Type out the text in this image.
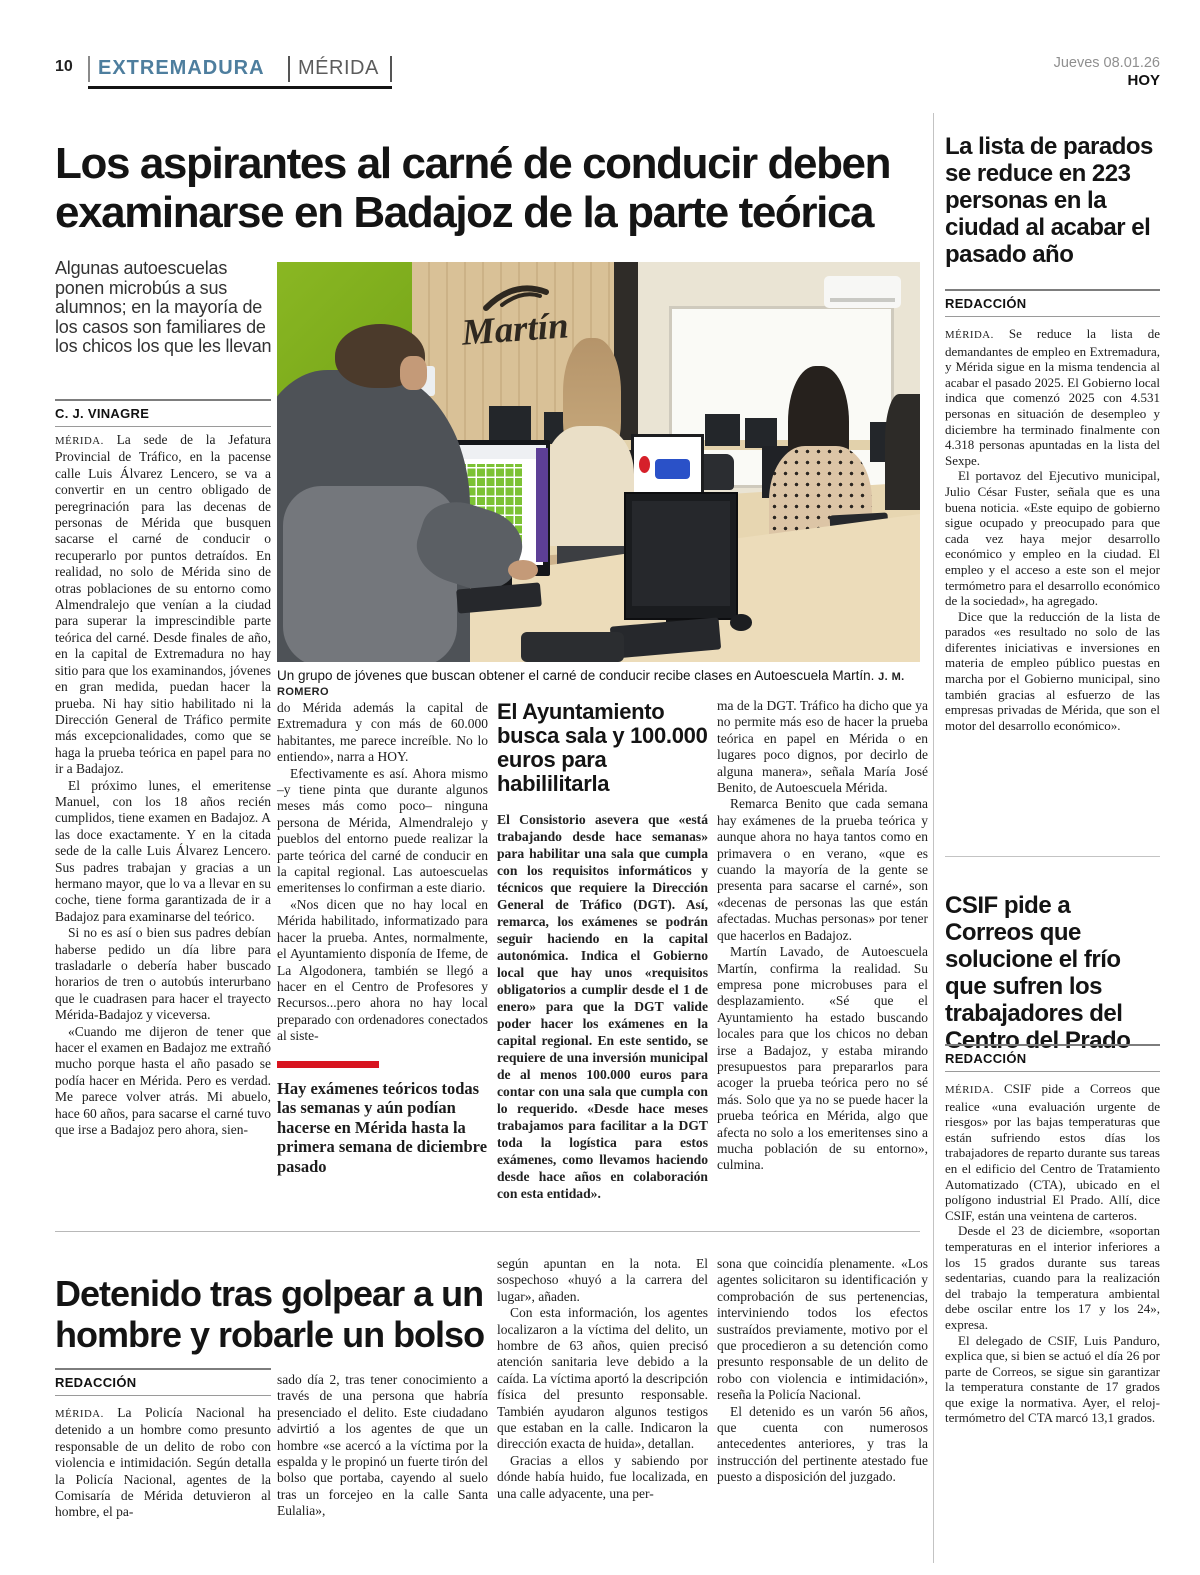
10 EXTREMADURA MÉRIDA	Jueves 08.01.26
HOY
Los aspirantes al carné de conducir deben examinarse en Badajoz de la parte teórica
Algunas autoescuelas ponen microbús a sus alumnos; en la mayoría de los casos son familiares de los chicos los que les llevan
C. J. VINAGRE
Martín
Un grupo de jóvenes que buscan obtener el carné de conducir recibe clases en Autoescuela Martín. J. M. ROMERO

MÉRIDA. La sede de la Jefatura Provincial de Tráfico, en la pacense calle Luis Álvarez Lencero, se va a convertir en un centro obligado de peregrinación para las decenas de personas de Mérida que busquen sacarse el carné de conducir o recuperarlo por puntos detraídos. En realidad, no solo de Mérida sino de otras poblaciones de su entorno como Almendralejo que venían a la ciudad para superar la imprescindible parte teórica del carné. Desde finales de año, en la capital de Extremadura no hay sitio para que los examinandos, jóvenes en gran medida, puedan hacer la prueba. Ni hay sitio habilitado ni la Dirección General de Tráfico permite más excepcionalidades, como que se haga la prueba teórica en papel para no ir a Badajoz.

El próximo lunes, el emeritense Manuel, con los 18 años recién cumplidos, tiene examen en Badajoz. A las doce exactamente. Y en la citada sede de la calle Luis Álvarez Lencero. Sus padres trabajan y gracias a un hermano mayor, que lo va a llevar en su coche, tiene forma garantizada de ir a Badajoz para examinarse del teórico.

Si no es así o bien sus padres debían haberse pedido un día libre para trasladarle o debería haber buscado horarios de tren o autobús interurbano que le cuadrasen para hacer el trayecto Mérida-Badajoz y viceversa.

«Cuando me dijeron de tener que hacer el examen en Badajoz me extrañó mucho porque hasta el año pasado se podía hacer en Mérida. Pero es verdad. Me parece volver atrás. Mi abuelo, hace 60 años, para sacarse el carné tuvo que irse a Badajoz pero ahora, sien-

do Mérida además la capital de Extremadura y con más de 60.000 habitantes, me parece increíble. No lo entiendo», narra a HOY.

Efectivamente es así. Ahora mismo –y tiene pinta que durante algunos meses más como poco– ninguna persona de Mérida, Almendralejo y pueblos del entorno puede realizar la parte teórica del carné de conducir en la capital regional. Las autoescuelas emeritenses lo confirman a este diario.

«Nos dicen que no hay local en Mérida habilitado, informatizado para hacer la prueba. Antes, normalmente, el Ayuntamiento disponía de Ifeme, de La Algodonera, también se llegó a hacer en el Centro de Profesores y Recursos...pero ahora no hay local preparado con ordenadores conectados al siste-

Hay exámenes teóricos todas las semanas y aún podían hacerse en Mérida hasta la primera semana de diciembre pasado
El Ayuntamiento busca sala y 100.000 euros para habililitarla

El Consistorio asevera que «está trabajando desde hace semanas» para habilitar una sala que cumpla con los requisitos informáticos y técnicos que requiere la Dirección General de Tráfico (DGT). Así, remarca, los exámenes se podrán seguir haciendo en la capital autonómica. Indica el Gobierno local que hay unos «requisitos obligatorios a cumplir desde el 1 de enero» para que la DGT valide poder hacer los exámenes en la capital regional. En este sentido, se requiere de una inversión municipal de al menos 100.000 euros para contar con una sala que cumpla con lo requerido. «Desde hace meses trabajamos para facilitar a la DGT toda la logística para estos exámenes, como llevamos haciendo desde hace años en colaboración con esta entidad».

ma de la DGT. Tráfico ha dicho que ya no permite más eso de hacer la prueba teórica en papel en Mérida o en lugares poco dignos, por decirlo de alguna manera», señala María José Benito, de Autoescuela Mérida.

Remarca Benito que cada semana hay exámenes de la prueba teórica y aunque ahora no haya tantos como en primavera o en verano, «que es cuando la mayoría de la gente se presenta para sacarse el carné», son «decenas de personas las que están afectadas. Muchas personas» por tener que hacerlos en Badajoz.

Martín Lavado, de Autoescuela Martín, confirma la realidad. Su empresa pone microbuses para el desplazamiento. «Sé que el Ayuntamiento ha estado buscando locales para que los chicos no deban irse a Badajoz, y estaba mirando presupuestos para prepararlos para acoger la prueba teórica pero no sé más. Solo que ya no se puede hacer la prueba teórica en Mérida, algo que afecta no solo a los emeritenses sino a mucha población de su entorno», culmina.

La lista de parados se reduce en 223 personas en la ciudad al acabar el pasado año
REDACCIÓN

MÉRIDA. Se reduce la lista de demandantes de empleo en Extremadura, y Mérida sigue en la misma tendencia al acabar el pasado 2025. El Gobierno local indica que comenzó 2025 con 4.531 personas en situación de desempleo y diciembre ha terminado finalmente con 4.318 personas apuntadas en la lista del Sexpe.

El portavoz del Ejecutivo municipal, Julio César Fuster, señala que es una buena noticia. «Este equipo de gobierno sigue ocupado y preocupado para que cada vez haya mejor desarrollo económico y empleo en la ciudad. El empleo y el acceso a este son el mejor termómetro para el desarrollo económico de la sociedad», ha agregado.

Dice que la reducción de la lista de parados «es resultado no solo de las diferentes iniciativas e inversiones en materia de empleo público puestas en marcha por el Gobierno municipal, sino también gracias al esfuerzo de las empresas privadas de Mérida, que son el motor del desarrollo económico».

CSIF pide a Correos que solucione el frío que sufren los trabajadores del Centro del Prado
REDACCIÓN

MÉRIDA. CSIF pide a Correos que realice «una evaluación urgente de riesgos» por las bajas temperaturas que están sufriendo estos días los trabajadores de reparto durante sus tareas en el edificio del Centro de Tratamiento Automatizado (CTA), ubicado en el polígono industrial El Prado. Allí, dice CSIF, están una veintena de carteros.

Desde el 23 de diciembre, «soportan temperaturas en el interior inferiores a los 15 grados durante sus tareas sedentarias, cuando para la realización del trabajo la temperatura ambiental debe oscilar entre los 17 y los 24», expresa.

El delegado de CSIF, Luis Panduro, explica que, si bien se actuó el día 26 por parte de Correos, se sigue sin garantizar la temperatura constante de 17 grados que exige la normativa. Ayer, el reloj-termómetro del CTA marcó 13,1 grados.

Detenido tras golpear a un hombre y robarle un bolso
REDACCIÓN

MÉRIDA. La Policía Nacional ha detenido a un hombre como presunto responsable de un delito de robo con violencia e intimidación. Según detalla la Policía Nacional, agentes de la Comisaría de Mérida detuvieron al hombre, el pa-

sado día 2, tras tener conocimiento a través de una persona que habría presenciado el delito. Este ciudadano advirtió a los agentes de que un hombre «se acercó a la víctima por la espalda y le propinó un fuerte tirón del bolso que portaba, cayendo al suelo tras un forcejeo en la calle Santa Eulalia»,

según apuntan en la nota. El sospechoso «huyó a la carrera del lugar», añaden.

Con esta información, los agentes localizaron a la víctima del delito, un hombre de 63 años, quien precisó atención sanitaria leve debido a la caída. La víctima aportó la descripción física del presunto responsable. También ayudaron algunos testigos que estaban en la calle. Indicaron la dirección exacta de huida», detallan.

Gracias a ellos y sabiendo por dónde había huido, fue localizada, en una calle adyacente, una per-

sona que coincidía plenamente. «Los agentes solicitaron su identificación y comprobación de sus pertenencias, interviniendo todos los efectos sustraídos previamente, motivo por el que procedieron a su detención como presunto responsable de un delito de robo con violencia e intimidación», reseña la Policía Nacional.

El detenido es un varón 56 años, que cuenta con numerosos antecedentes anteriores, y tras la instrucción del pertinente atestado fue puesto a disposición del juzgado.
